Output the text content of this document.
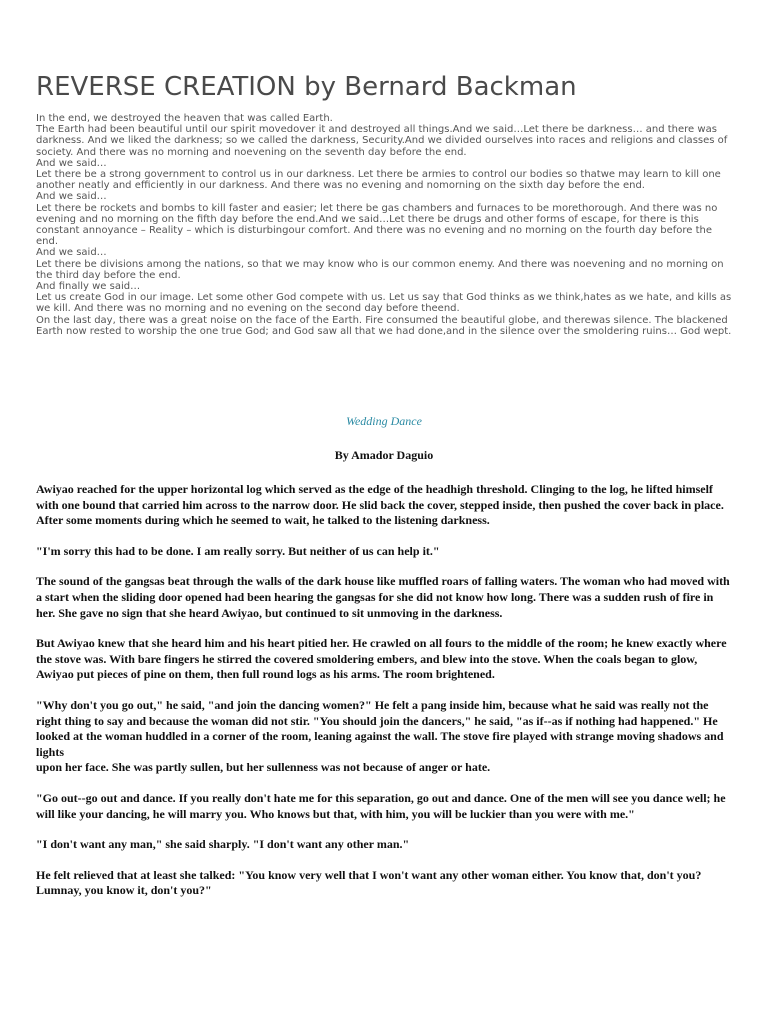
REVERSE CREATION by Bernard Backman
In the end, we destroyed the heaven that was called Earth.
The Earth had been beautiful until our spirit movedover it and destroyed all things.And we said…Let there be darkness… and there was darkness. And we liked the darkness; so we called the darkness, Security.And we divided ourselves into races and religions and classes of society. And there was no morning and noevening on the seventh day before the end.
And we said…
Let there be a strong government to control us in our darkness. Let there be armies to control our bodies so thatwe may learn to kill one another neatly and efficiently in our darkness. And there was no evening and nomorning on the sixth day before the end.
And we said…
Let there be rockets and bombs to kill faster and easier; let there be gas chambers and furnaces to be morethorough. And there was no evening and no morning on the fifth day before the end.And we said…Let there be drugs and other forms of escape, for there is this constant annoyance – Reality – which is disturbingour comfort. And there was no evening and no morning on the fourth day before the end.
And we said…
Let there be divisions among the nations, so that we may know who is our common enemy. And there was noevening and no morning on the third day before the end.
And finally we said…
Let us create God in our image. Let some other God compete with us. Let us say that God thinks as we think,hates as we hate, and kills as we kill. And there was no morning and no evening on the second day before theend.
On the last day, there was a great noise on the face of the Earth. Fire consumed the beautiful globe, and therewas silence. The blackened Earth now rested to worship the one true God; and God saw all that we had done,and in the silence over the smoldering ruins… God wept.
Wedding Dance
By Amador Daguio

Awiyao reached for the upper horizontal log which served as the edge of the headhigh threshold. Clinging to the log, he lifted himself with one bound that carried him across to the narrow door. He slid back the cover, stepped inside, then pushed the cover back in place. After some moments during which he seemed to wait, he talked to the listening darkness.

"I'm sorry this had to be done. I am really sorry. But neither of us can help it."

The sound of the gangsas beat through the walls of the dark house like muffled roars of falling waters. The woman who had moved with a start when the sliding door opened had been hearing the gangsas for she did not know how long. There was a sudden rush of fire in her. She gave no sign that she heard Awiyao, but continued to sit unmoving in the darkness.

But Awiyao knew that she heard him and his heart pitied her. He crawled on all fours to the middle of the room; he knew exactly where the stove was. With bare fingers he stirred the covered smoldering embers, and blew into the stove. When the coals began to glow, Awiyao put pieces of pine on them, then full round logs as his arms. The room brightened.

"Why don't you go out," he said, "and join the dancing women?" He felt a pang inside him, because what he said was really not the right thing to say and because the woman did not stir. "You should join the dancers," he said, "as if--as if nothing had happened." He looked at the woman huddled in a corner of the room, leaning against the wall. The stove fire played with strange moving shadows and lights

upon her face. She was partly sullen, but her sullenness was not because of anger or hate.

"Go out--go out and dance. If you really don't hate me for this separation, go out and dance. One of the men will see you dance well; he will like your dancing, he will marry you. Who knows but that, with him, you will be luckier than you were with me."

"I don't want any man," she said sharply. "I don't want any other man."

He felt relieved that at least she talked: "You know very well that I won't want any other woman either. You know that, don't you? Lumnay, you know it, don't you?"
